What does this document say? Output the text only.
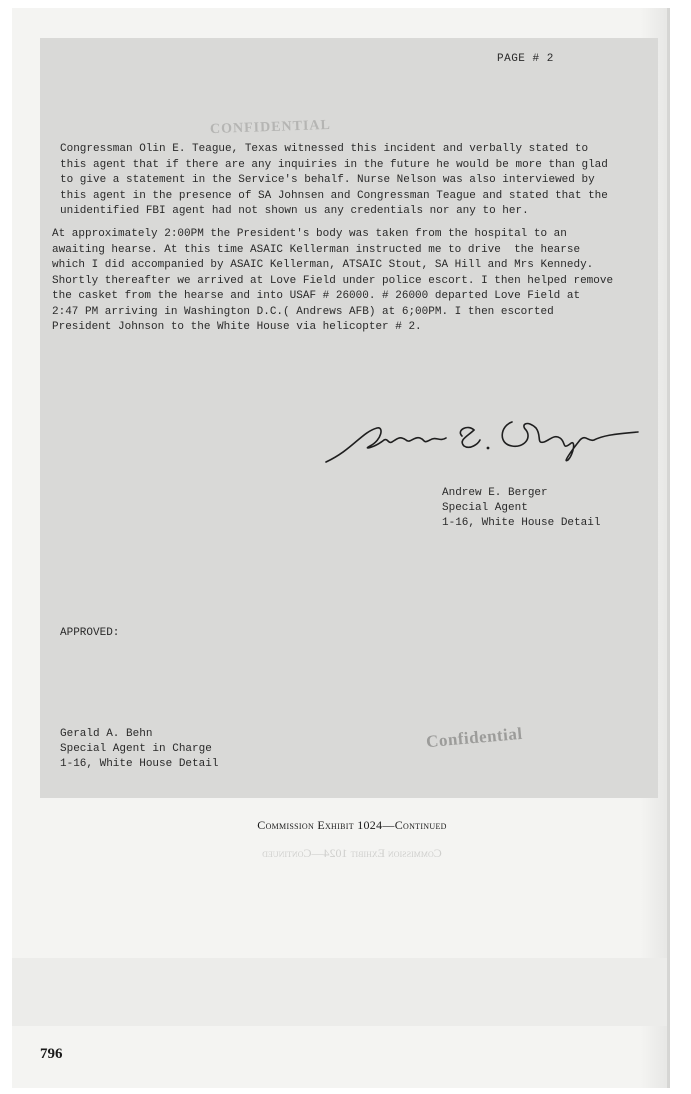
PAGE # 2
CONFIDENTIAL

Congressman Olin E. Teague, Texas witnessed this incident and verbally stated to
this agent that if there are any inquiries in the future he would be more than glad
to give a statement in the Service's behalf. Nurse Nelson was also interviewed by
this agent in the presence of SA Johnsen and Congressman Teague and stated that the
unidentified FBI agent had not shown us any credentials nor any to her.

At approximately 2:00PM the President's body was taken from the hospital to an
awaiting hearse. At this time ASAIC Kellerman instructed me to drive  the hearse
which I did accompanied by ASAIC Kellerman, ATSAIC Stout, SA Hill and Mrs Kennedy.
Shortly thereafter we arrived at Love Field under police escort. I then helped remove
the casket from the hearse and into USAF # 26000. # 26000 departed Love Field at
2:47 PM arriving in Washington D.C.( Andrews AFB) at 6;00PM. I then escorted
President Johnson to the White House via helicopter # 2.

Andrew E. Berger
Special Agent
1-16, White House Detail
APPROVED:
Gerald A. Behn
Special Agent in Charge
1-16, White House Detail
Confidential
Commission Exhibit 1024—Continued
Commission Exhibit 1024—Continued
796
